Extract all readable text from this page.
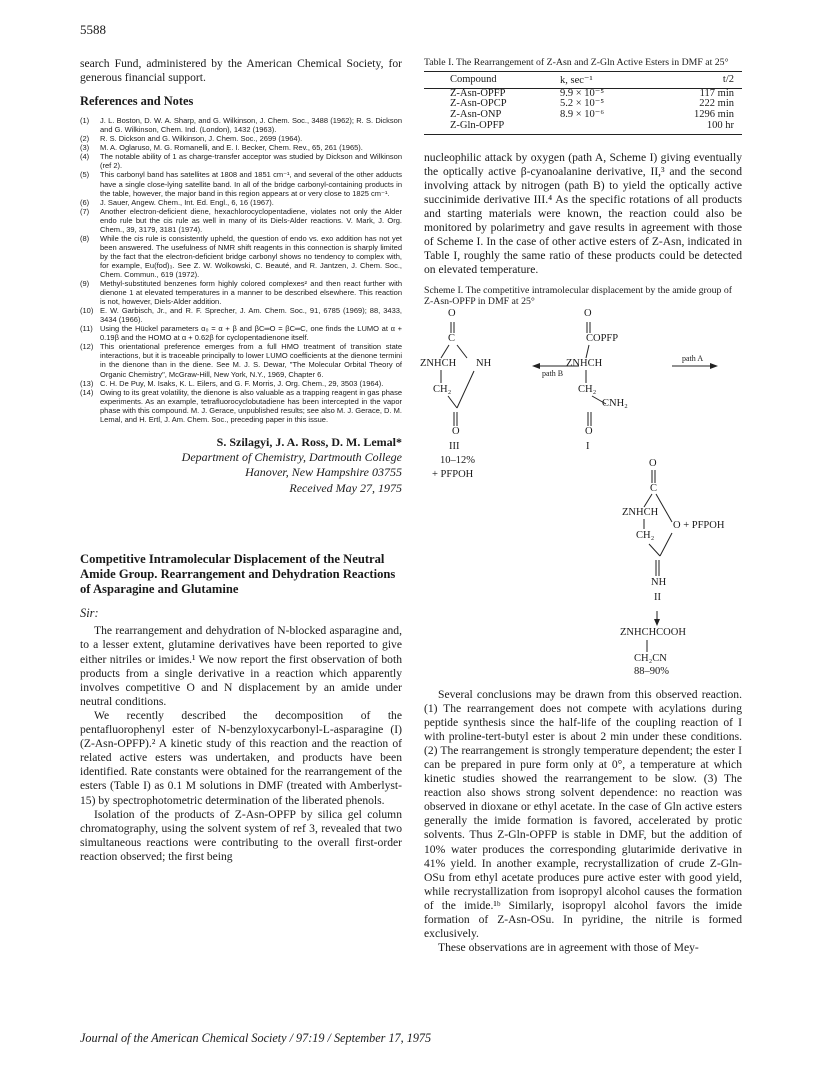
5588

search Fund, administered by the American Chemical Society, for generous financial support.

References and Notes
(1)	J. L. Boston, D. W. A. Sharp, and G. Wilkinson, J. Chem. Soc., 3488 (1962); R. S. Dickson and G. Wilkinson, Chem. Ind. (London), 1432 (1963).
(2)	R. S. Dickson and G. Wilkinson, J. Chem. Soc., 2699 (1964).
(3)	M. A. Oglaruso, M. G. Romanelli, and E. I. Becker, Chem. Rev., 65, 261 (1965).
(4)	The notable ability of 1 as charge-transfer acceptor was studied by Dickson and Wilkinson (ref 2).
(5)	This carbonyl band has satellites at 1808 and 1851 cm⁻¹, and several of the other adducts have a single close-lying satellite band. In all of the bridge carbonyl-containing products in the table, however, the major band in this region appears at or very close to 1825 cm⁻¹.
(6)	J. Sauer, Angew. Chem., Int. Ed. Engl., 6, 16 (1967).
(7)	Another electron-deficient diene, hexachlorocyclopentadiene, violates not only the Alder endo rule but the cis rule as well in many of its Diels-Alder reactions. V. Mark, J. Org. Chem., 39, 3179, 3181 (1974).
(8)	While the cis rule is consistently upheld, the question of endo vs. exo addition has not yet been answered. The usefulness of NMR shift reagents in this connection is sharply limited by the fact that the electron-deficient bridge carbonyl shows no tendency to complex with, for example, Eu(fod)₃. See Z. W. Wolkowski, C. Beauté, and R. Jantzen, J. Chem. Soc., Chem. Commun., 619 (1972).
(9)	Methyl-substituted benzenes form highly colored complexes² and then react further with dienone 1 at elevated temperatures in a manner to be described elsewhere. This reaction is not, however, Diels-Alder addition.
(10) E. W. Garbisch, Jr., and R. F. Sprecher, J. Am. Chem. Soc., 91, 6785 (1969); 88, 3433, 3434 (1966).
(11) Using the Hückel parameters α₀ = α + β and βC═O = βC═C, one finds the LUMO at α + 0.19β and the HOMO at α + 0.62β for cyclopentadienone itself.
(12) This orientational preference emerges from a full HMO treatment of transition state interactions, but it is traceable principally to lower LUMO coefficients at the dienone termini in the dienone than in the diene. See M. J. S. Dewar, "The Molecular Orbital Theory of Organic Chemistry", McGraw-Hill, New York, N.Y., 1969, Chapter 6.
(13) C. H. De Puy, M. Isaks, K. L. Eilers, and G. F. Morris, J. Org. Chem., 29, 3503 (1964).
(14) Owing to its great volatility, the dienone is also valuable as a trapping reagent in gas phase experiments. As an example, tetrafluorocyclobutadiene has been intercepted in the vapor phase with this compound. M. J. Gerace, unpublished results; see also M. J. Gerace, D. M. Lemal, and H. Ertl, J. Am. Chem. Soc., preceding paper in this issue.
S. Szilagyi, J. A. Ross, D. M. Lemal*
Department of Chemistry, Dartmouth College
Hanover, New Hampshire 03755
Received May 27, 1975
Competitive Intramolecular Displacement of the Neutral Amide Group. Rearrangement and Dehydration Reactions of Asparagine and Glutamine
Sir:

The rearrangement and dehydration of N-blocked asparagine and, to a lesser extent, glutamine derivatives have been reported to give either nitriles or imides.¹ We now report the first observation of both products from a single derivative in a reaction which apparently involves competitive O and N displacement by an amide under neutral conditions.

We recently described the decomposition of the pentafluorophenyl ester of N-benzyloxycarbonyl-L-asparagine (I) (Z-Asn-OPFP).² A kinetic study of this reaction and the reaction of related active esters was undertaken, and products have been identified. Rate constants were obtained for the rearrangement of the esters (Table I) as 0.1 M solutions in DMF (treated with Amberlyst-15) by spectrophotometric determination of the liberated phenols.

Isolation of the products of Z-Asn-OPFP by silica gel column chromatography, using the solvent system of ref 3, revealed that two simultaneous reactions were contributing to the overall first-order reaction observed; the first being

Table I. The Rearrangement of Z-Asn and Z-Gln Active Esters in DMF at 25°
Compound	k, sec⁻¹	t/2
Z-Asn-OPFP	9.9 × 10⁻⁵	117 min
Z-Asn-OPCP	5.2 × 10⁻⁵	222 min
Z-Asn-ONP	8.9 × 10⁻⁶	1296 min
Z-Gln-OPFP		100 hr

nucleophilic attack by oxygen (path A, Scheme I) giving eventually the optically active β-cyanoalanine derivative, II,³ and the second involving attack by nitrogen (path B) to yield the optically active succinimide derivative III.⁴ As the specific rotations of all products and starting materials were known, the reaction could also be monitored by polarimetry and gave results in agreement with those of Scheme I. In the case of other active esters of Z-Asn, indicated in Table I, roughly the same ratio of these products could be detected on elevated temperature.

Scheme I. The competitive intramolecular displacement by the amide group of Z-Asn-OPFP in DMF at 25°
O
C
ZNHCH NH
CH₂
O
III
10–12%
+ PFPOH
path B
path A
O
COPFP
ZNHCH
CH₂
CNH₂
O
I
O
C
ZNHCH
O + PFPOH
CH₂
NH
II
ZNHCHCOOH
CH₂CN
88–90%

Several conclusions may be drawn from this observed reaction. (1) The rearrangement does not compete with acylations during peptide synthesis since the half-life of the coupling reaction of I with proline-tert-butyl ester is about 2 min under these conditions. (2) The rearrangement is strongly temperature dependent; the ester I can be prepared in pure form only at 0°, a temperature at which kinetic studies showed the rearrangement to be slow. (3) The reaction also shows strong solvent dependence: no reaction was observed in dioxane or ethyl acetate. In the case of Gln active esters generally the imide formation is favored, accelerated by protic solvents. Thus Z-Gln-OPFP is stable in DMF, but the addition of 10% water produces the corresponding glutarimide derivative in 41% yield. In another example, recrystallization of crude Z-Gln-OSu from ethyl acetate produces pure active ester with good yield, while recrystallization from isopropyl alcohol causes the formation of the imide.¹ᵇ Similarly, isopropyl alcohol favors the imide formation of Z-Asn-OSu. In pyridine, the nitrile is formed exclusively.

These observations are in agreement with those of Mey-

Journal of the American Chemical Society / 97:19 / September 17, 1975
